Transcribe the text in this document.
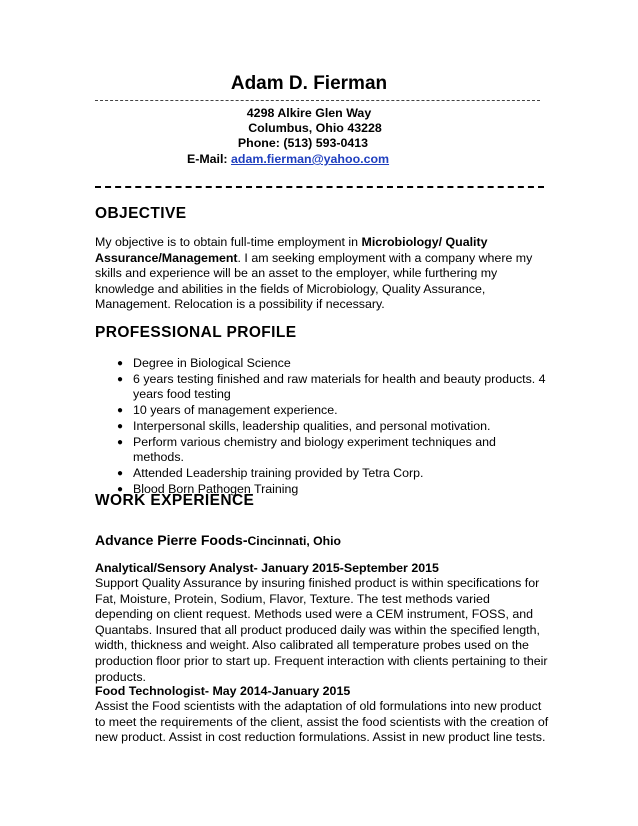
Adam D. Fierman
4298 Alkire Glen Way
Columbus, Ohio 43228
Phone: (513) 593-0413
E-Mail: adam.fierman@yahoo.com
OBJECTIVE
My objective is to obtain full-time employment in Microbiology/ Quality Assurance/Management. I am seeking employment with a company where my skills and experience will be an asset to the employer, while furthering my knowledge and abilities in the fields of Microbiology, Quality Assurance, Management. Relocation is a possibility if necessary.
PROFESSIONAL PROFILE
● Degree in Biological Science
● 6 years testing finished and raw materials for health and beauty products. 4 years food testing
● 10 years of management experience.
● Interpersonal skills, leadership qualities, and personal motivation.
● Perform various chemistry and biology experiment techniques and methods.
● Attended Leadership training provided by Tetra Corp.
● Blood Born Pathogen Training
WORK EXPERIENCE
Advance Pierre Foods-Cincinnati, Ohio
Analytical/Sensory Analyst- January 2015-September 2015
Support Quality Assurance by insuring finished product is within specifications for Fat, Moisture, Protein, Sodium, Flavor, Texture. The test methods varied depending on client request. Methods used were a CEM instrument, FOSS, and Quantabs. Insured that all product produced daily was within the specified length, width, thickness and weight. Also calibrated all temperature probes used on the production floor prior to start up. Frequent interaction with clients pertaining to their products.
Food Technologist- May 2014-January 2015
Assist the Food scientists with the adaptation of old formulations into new product to meet the requirements of the client, assist the food scientists with the creation of new product. Assist in cost reduction formulations. Assist in new product line tests.
